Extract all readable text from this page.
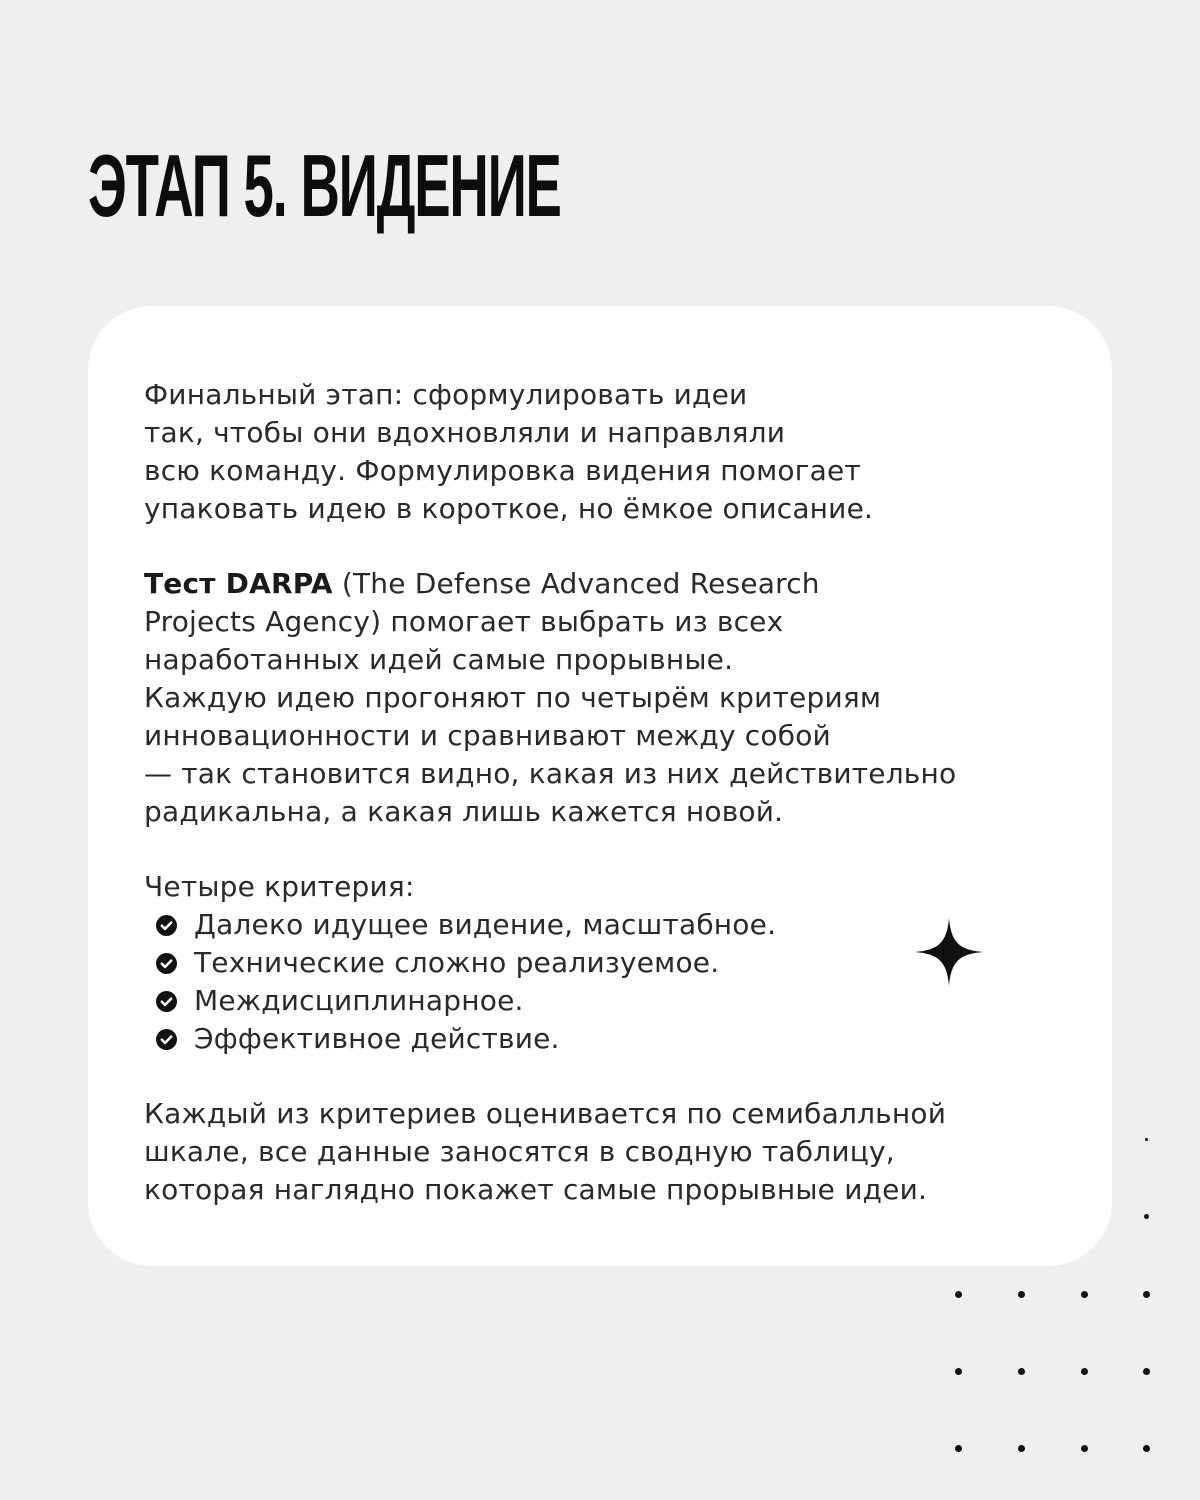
ЭТАП 5. ВИДЕНИЕ

Финальный этап: сформулировать идеи
так, чтобы они вдохновляли и направляли
всю команду. Формулировка видения помогает
упаковать идею в короткое, но ёмкое описание.

Тест DARPA (The Defense Advanced Research
Projects Agency) помогает выбрать из всех
наработанных идей самые прорывные.
Каждую идею прогоняют по четырём критериям
инновационности и сравнивают между собой
— так становится видно, какая из них действительно
радикальна, а какая лишь кажется новой.

Четыре критерия:

Далеко идущее видение, масштабное.
Технические сложно реализуемое.
Междисциплинарное.
Эффективное действие.

Каждый из критериев оценивается по семибалльной
шкале, все данные заносятся в сводную таблицу,
которая наглядно покажет самые прорывные идеи.
